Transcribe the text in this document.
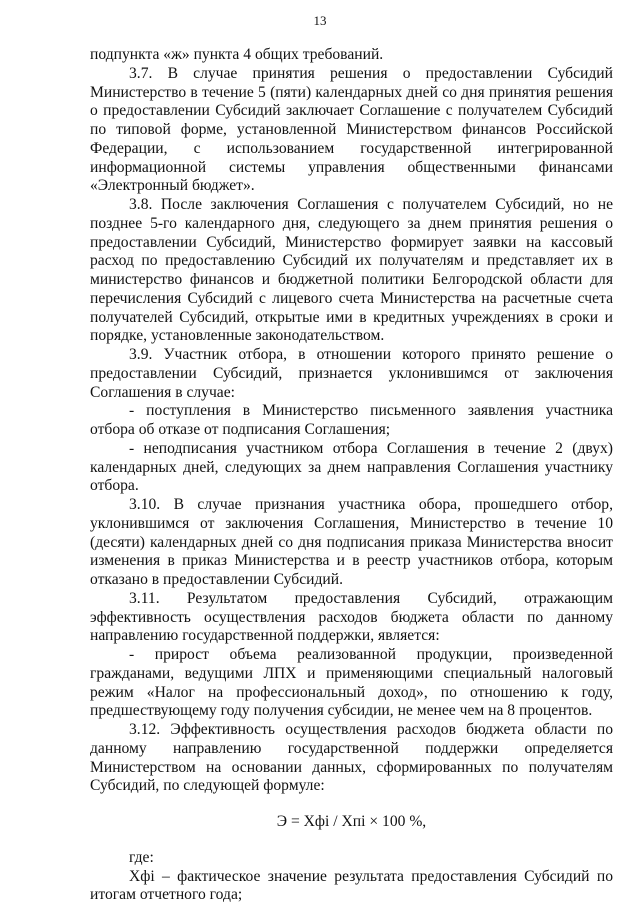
13

подпункта «ж» пункта 4 общих требований.

3.7. В случае принятия решения о предоставлении Субсидий Министерство в течение 5 (пяти) календарных дней со дня принятия решения о предоставлении Субсидий заключает Соглашение с получателем Субсидий по типовой форме, установленной Министерством финансов Российской Федерации, с использованием государственной интегрированной информационной системы управления общественными финансами «Электронный бюджет».

3.8. После заключения Соглашения с получателем Субсидий, но не позднее 5-го календарного дня, следующего за днем принятия решения о предоставлении Субсидий, Министерство формирует заявки на кассовый расход по предоставлению Субсидий их получателям и представляет их в министерство финансов и бюджетной политики Белгородской области для перечисления Субсидий с лицевого счета Министерства на расчетные счета получателей Субсидий, открытые ими в кредитных учреждениях в сроки и порядке, установленные законодательством.

3.9. Участник отбора, в отношении которого принято решение о предоставлении Субсидий, признается уклонившимся от заключения Соглашения в случае:

- поступления в Министерство письменного заявления участника отбора об отказе от подписания Соглашения;

- неподписания участником отбора Соглашения в течение 2 (двух) календарных дней, следующих за днем направления Соглашения участнику отбора.

3.10. В случае признания участника обора, прошедшего отбор, уклонившимся от заключения Соглашения, Министерство в течение 10 (десяти) календарных дней со дня подписания приказа Министерства вносит изменения в приказ Министерства и в реестр участников отбора, которым отказано в предоставлении Субсидий.

3.11. Результатом предоставления Субсидий, отражающим эффективность осуществления расходов бюджета области по данному направлению государственной поддержки, является:

- прирост объема реализованной продукции, произведенной гражданами, ведущими ЛПХ и применяющими специальный налоговый режим «Налог на профессиональный доход», по отношению к году, предшествующему году получения субсидии, не менее чем на 8 процентов.

3.12. Эффективность осуществления расходов бюджета области по данному направлению государственной поддержки определяется Министерством на основании данных, сформированных по получателям Субсидий, по следующей формуле:

Э = Хфi / Хпi × 100 %,

где:

Хфi – фактическое значение результата предоставления Субсидий по итогам отчетного года;
